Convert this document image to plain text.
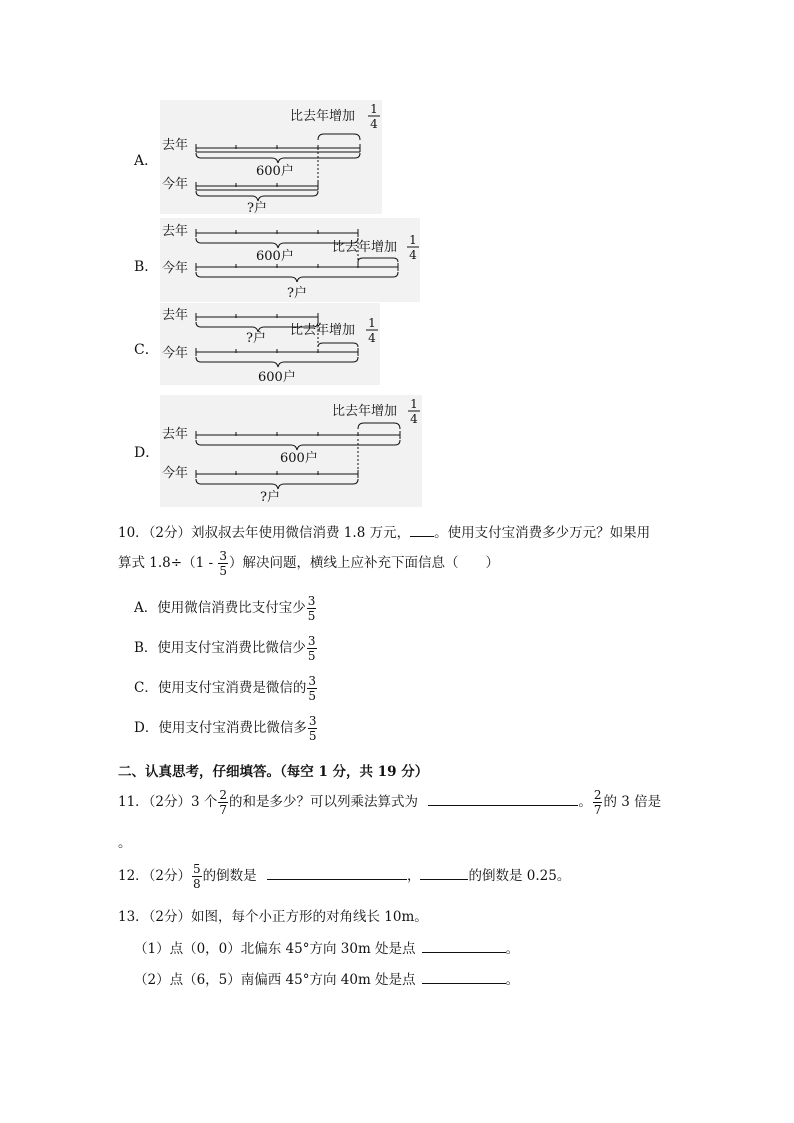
A．
比去年增加 1
4
去年
600户
今年
?户
B．
去年
600户
比去年增加 1
4
今年
?户
C．
去年
?户
比去年增加 1
4
今年
600户
D．
比去年增加 1
4
去年
600户
今年
?户
10．（2分）刘叔叔去年使用微信消费 1.8 万元， 。使用支付宝消费多少万元？如果用
算式 $1.8\div(1 - \frac{3}{5}$ ）解决问题，横线上应补充下面信息（　　）
A．使用微信消费比支付宝少 $\frac{3}{5}$
B．使用支付宝消费比微信少 $\frac{3}{5}$
C．使用支付宝消费是微信的 $\frac{3}{5}$
D．使用支付宝消费比微信多 $\frac{3}{5}$
二、认真思考，仔细填答。（每空 1 分，共 19 分）
11．（2分）3 个 $\frac{2}{7}$ 的和是多少？可以列乘法算式为	。 $\frac{2}{7}$ 的 3 倍是
。
12．（2分） $\frac{5}{8}$ 的倒数是	，	的倒数是 0.25。
13．（2分）如图，每个小正方形的对角线长 10m。
（1）点（0，0）北偏东 45°方向 30m 处是点	。
（2）点（6，5）南偏西 45°方向 40m 处是点	。
